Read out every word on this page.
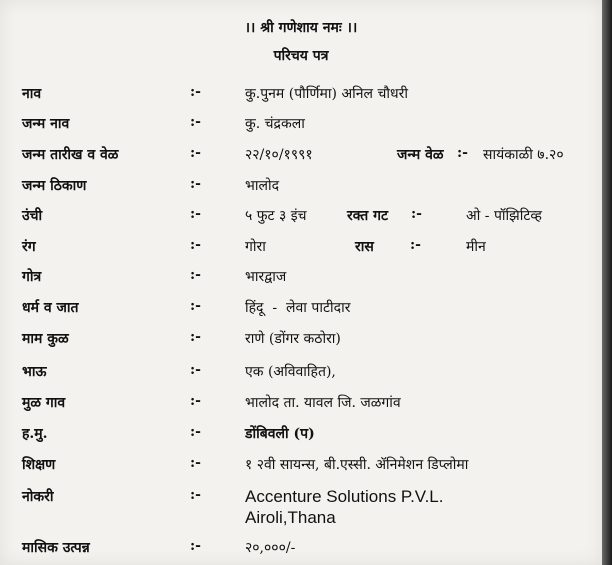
।। श्री गणेशाय नमः ।।
परिचय पत्र
नाव	:-	कु.पुनम (पौर्णिमा) अनिल चौधरी
जन्म नाव	:-	कु. चंद्रकला
जन्म तारीख व वेळ	:-	२२/१०/१९९१	जन्म वेळ :- सायंकाळी ७.२०
जन्म ठिकाण	:-	भालोद
उंची	:-	५ फुट ३ इंच	रक्त गट :-	ओ - पॉझिटिव्ह
रंग	:-	गोरा	रास	:-	मीन
गोत्र	:-	भारद्वाज
धर्म व जात	:-	हिंदू  -  लेवा पाटीदार
माम कुळ	:-	राणे (डोंगर कठोरा)
भाऊ	:-	एक (अविवाहित),
मुळ गाव	:-	भालोद ता. यावल जि. जळगांव
ह.मु.	:-	डोंबिवली (प)
शिक्षण	:-	१ २वी सायन्स, बी.एस्सी. ॲनिमेशन डिप्लोमा
नोकरी	:-	Accenture Solutions P.V.L.
Airoli,Thana
मासिक उत्पन्न	:-	२०,०००/-
